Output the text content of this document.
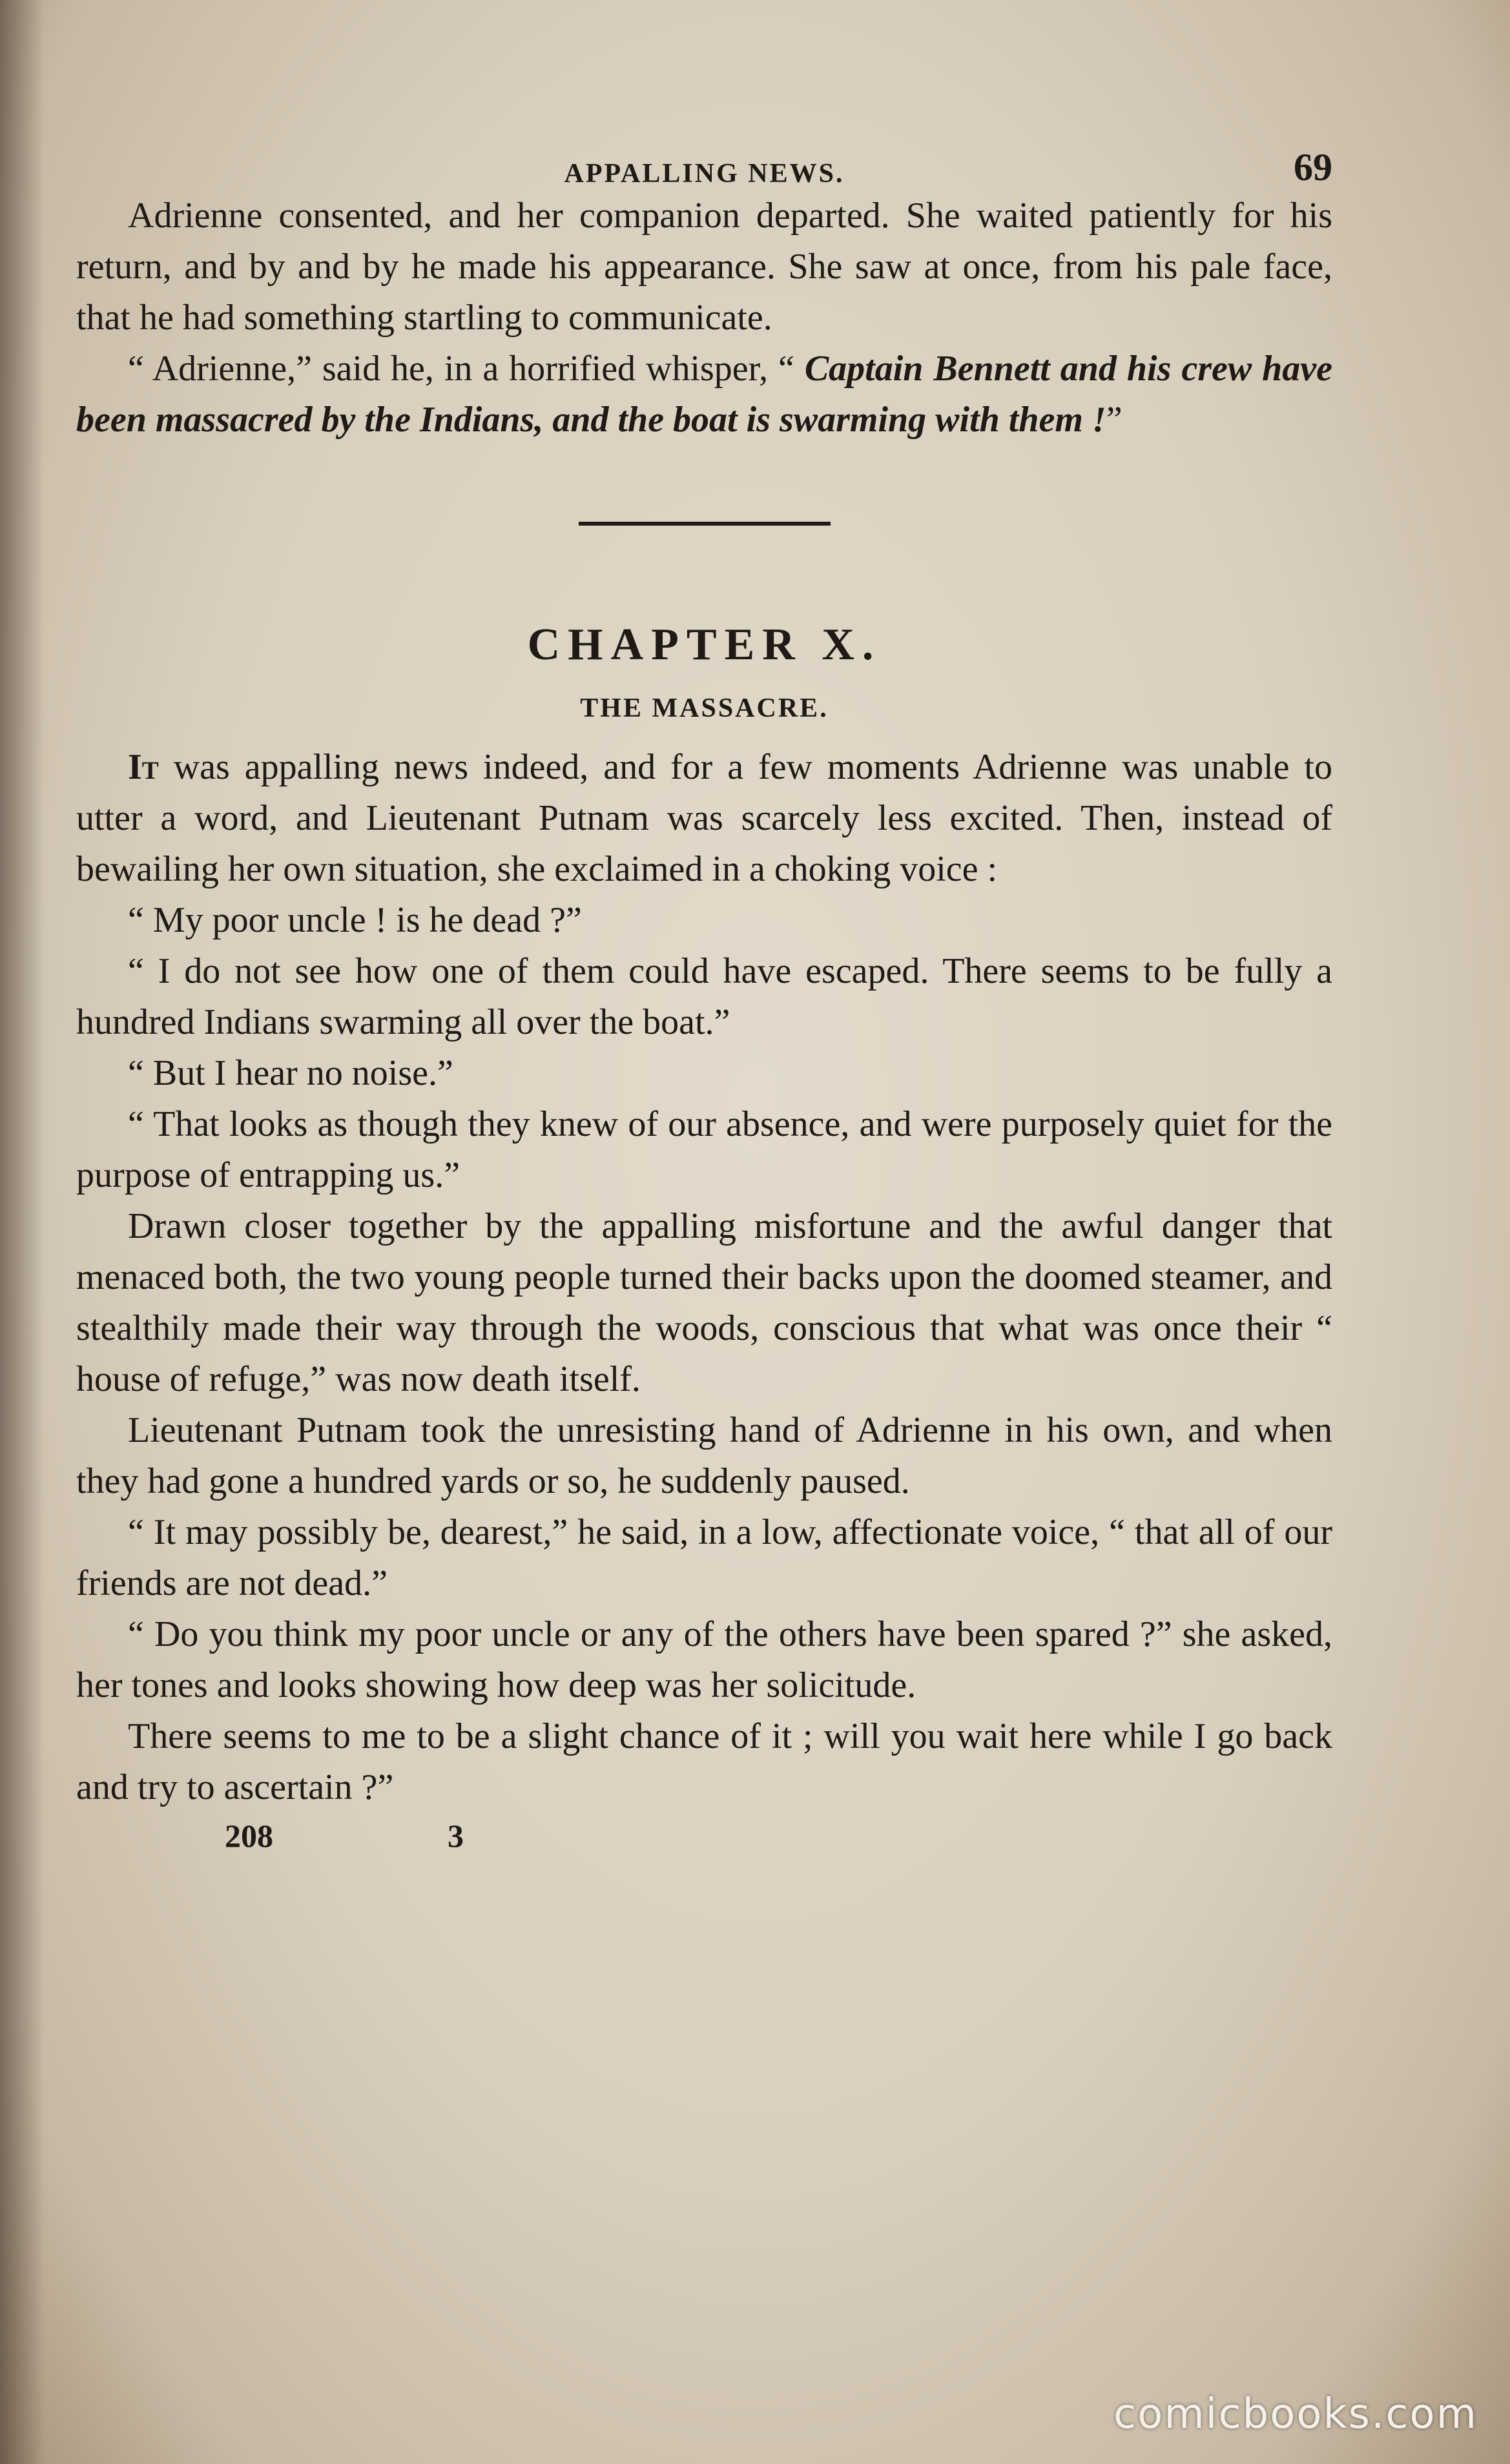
APPALLING NEWS.	69

Adrienne consented, and her companion departed. She waited patiently for his return, and by and by he made his appearance. She saw at once, from his pale face, that he had something startling to communicate.

“ Adrienne,” said he, in a horrified whisper, “ Captain Bennett and his crew have been massacred by the Indians, and the boat is swarming with them !”

CHAPTER X.
THE MASSACRE.

It was appalling news indeed, and for a few moments Adrienne was unable to utter a word, and Lieutenant Putnam was scarcely less excited. Then, instead of bewailing her own situation, she exclaimed in a choking voice :

“ My poor uncle ! is he dead ?”

“ I do not see how one of them could have escaped. There seems to be fully a hundred Indians swarming all over the boat.”

“ But I hear no noise.”

“ That looks as though they knew of our absence, and were purposely quiet for the purpose of entrapping us.”

Drawn closer together by the appalling misfortune and the awful danger that menaced both, the two young people turned their backs upon the doomed steamer, and stealthily made their way through the woods, conscious that what was once their “ house of refuge,” was now death itself.

Lieutenant Putnam took the unresisting hand of Adrienne in his own, and when they had gone a hundred yards or so, he suddenly paused.

“ It may possibly be, dearest,” he said, in a low, affectionate voice, “ that all of our friends are not dead.”

“ Do you think my poor uncle or any of the others have been spared ?” she asked, her tones and looks showing how deep was her solicitude.

There seems to me to be a slight chance of it ; will you wait here while I go back and try to ascertain ?”

208	3
comicbooks.com
